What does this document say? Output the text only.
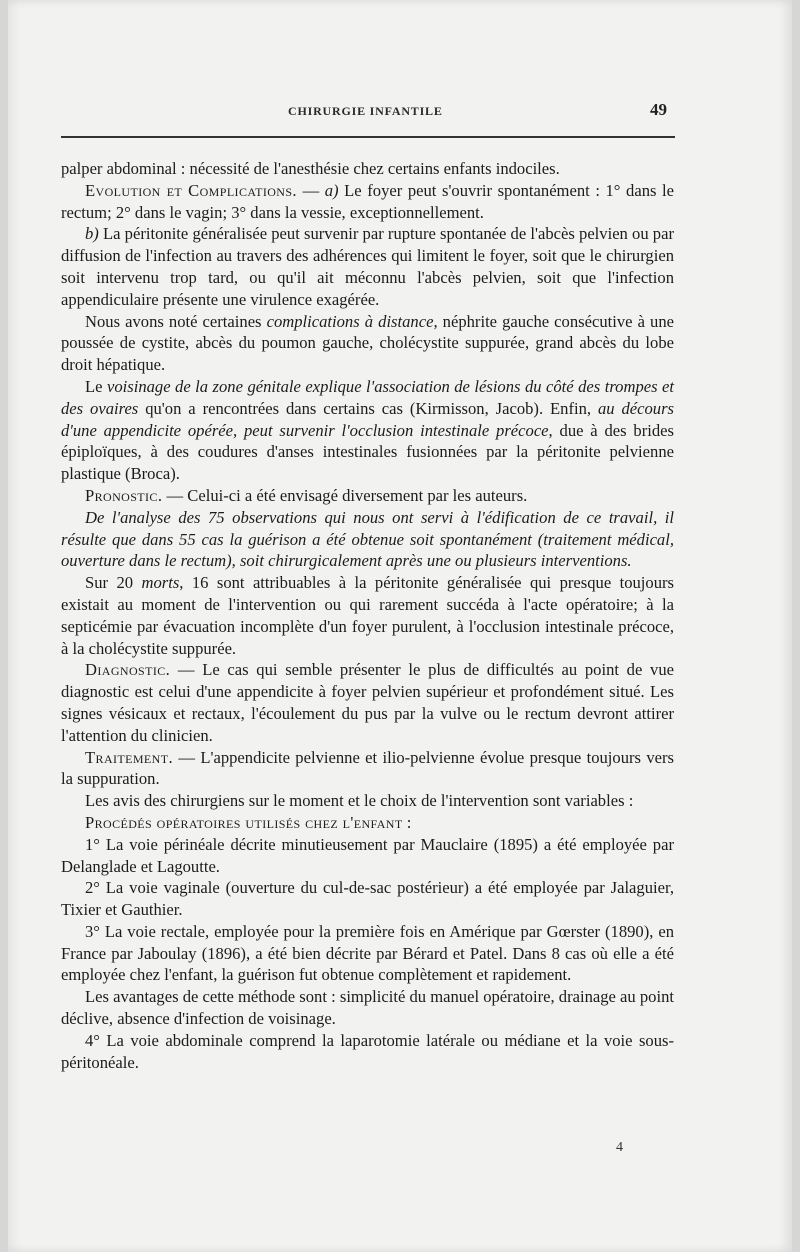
CHIRURGIE INFANTILE	49

palper abdominal : nécessité de l'anesthésie chez certains enfants indociles.

Evolution et Complications. — a) Le foyer peut s'ouvrir spontanément : 1° dans le rectum; 2° dans le vagin; 3° dans la vessie, exceptionnellement.

b) La péritonite généralisée peut survenir par rupture spontanée de l'abcès pelvien ou par diffusion de l'infection au travers des adhérences qui limitent le foyer, soit que le chirurgien soit intervenu trop tard, ou qu'il ait méconnu l'abcès pelvien, soit que l'infection appendiculaire présente une virulence exagérée.

Nous avons noté certaines complications à distance, néphrite gauche consécutive à une poussée de cystite, abcès du poumon gauche, cholécystite suppurée, grand abcès du lobe droit hépatique.

Le voisinage de la zone génitale explique l'association de lésions du côté des trompes et des ovaires qu'on a rencontrées dans certains cas (Kirmisson, Jacob). Enfin, au décours d'une appendicite opérée, peut survenir l'occlusion intestinale précoce, due à des brides épiploïques, à des coudures d'anses intestinales fusionnées par la péritonite pelvienne plastique (Broca).

Pronostic. — Celui-ci a été envisagé diversement par les auteurs.

De l'analyse des 75 observations qui nous ont servi à l'édification de ce travail, il résulte que dans 55 cas la guérison a été obtenue soit spontanément (traitement médical, ouverture dans le rectum), soit chirurgicalement après une ou plusieurs interventions.

Sur 20 morts, 16 sont attribuables à la péritonite généralisée qui presque toujours existait au moment de l'intervention ou qui rarement succéda à l'acte opératoire; à la septicémie par évacuation incomplète d'un foyer purulent, à l'occlusion intestinale précoce, à la cholécystite suppurée.

Diagnostic. — Le cas qui semble présenter le plus de difficultés au point de vue diagnostic est celui d'une appendicite à foyer pelvien supérieur et profondément situé. Les signes vésicaux et rectaux, l'écoulement du pus par la vulve ou le rectum devront attirer l'attention du clinicien.

Traitement. — L'appendicite pelvienne et ilio-pelvienne évolue presque toujours vers la suppuration.

Les avis des chirurgiens sur le moment et le choix de l'intervention sont variables :

Procédés opératoires utilisés chez l'enfant :

1° La voie périnéale décrite minutieusement par Mauclaire (1895) a été employée par Delanglade et Lagoutte.

2° La voie vaginale (ouverture du cul-de-sac postérieur) a été employée par Jalaguier, Tixier et Gauthier.

3° La voie rectale, employée pour la première fois en Amérique par Gœrster (1890), en France par Jaboulay (1896), a été bien décrite par Bérard et Patel. Dans 8 cas où elle a été employée chez l'enfant, la guérison fut obtenue complètement et rapidement.

Les avantages de cette méthode sont : simplicité du manuel opératoire, drainage au point déclive, absence d'infection de voisinage.

4° La voie abdominale comprend la laparotomie latérale ou médiane et la voie sous-péritonéale.

4
